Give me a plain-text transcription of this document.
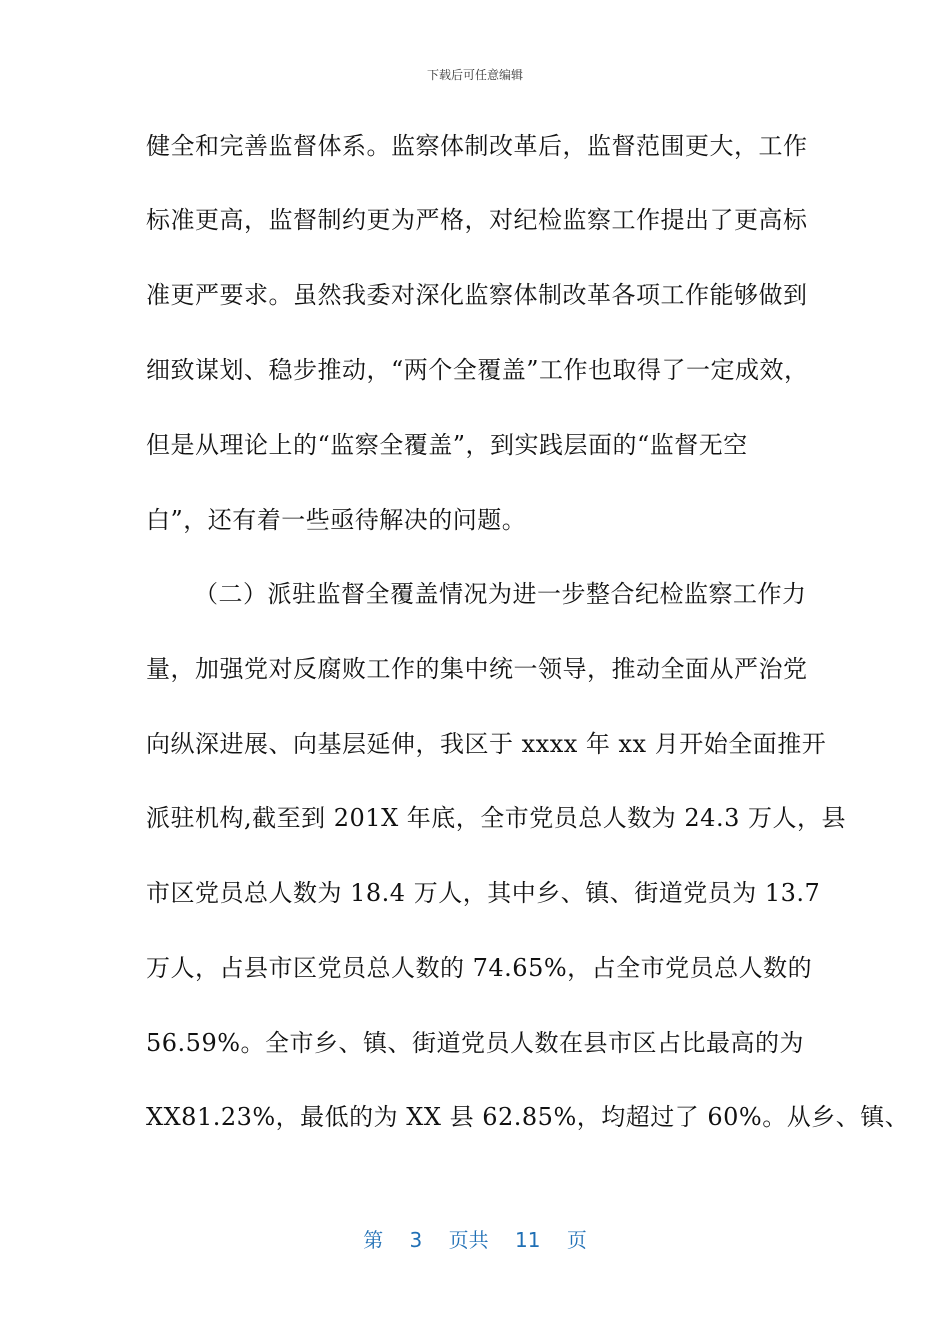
下载后可任意编辑
健全和完善监督体系。监察体制改革后，监督范围更大，工作
标准更高，监督制约更为严格，对纪检监察工作提出了更高标
准更严要求。虽然我委对深化监察体制改革各项工作能够做到
细致谋划、稳步推动，“两个全覆盖”工作也取得了一定成效，
但是从理论上的“监察全覆盖”，到实践层面的“监督无空
白”，还有着一些亟待解决的问题。
（二）派驻监督全覆盖情况为进一步整合纪检监察工作力
量，加强党对反腐败工作的集中统一领导，推动全面从严治党
向纵深进展、向基层延伸，我区于 xxxx 年 xx 月开始全面推开
派驻机构,截至到 201X 年底，全市党员总人数为 24.3 万人，县
市区党员总人数为 18.4 万人，其中乡、镇、街道党员为 13.7
万人，占县市区党员总人数的 74.65%，占全市党员总人数的
56.59%。全市乡、镇、街道党员人数在县市区占比最高的为
XX81.23%，最低的为 XX 县 62.85%，均超过了 60%。从乡、镇、
第 3 页共 11 页
